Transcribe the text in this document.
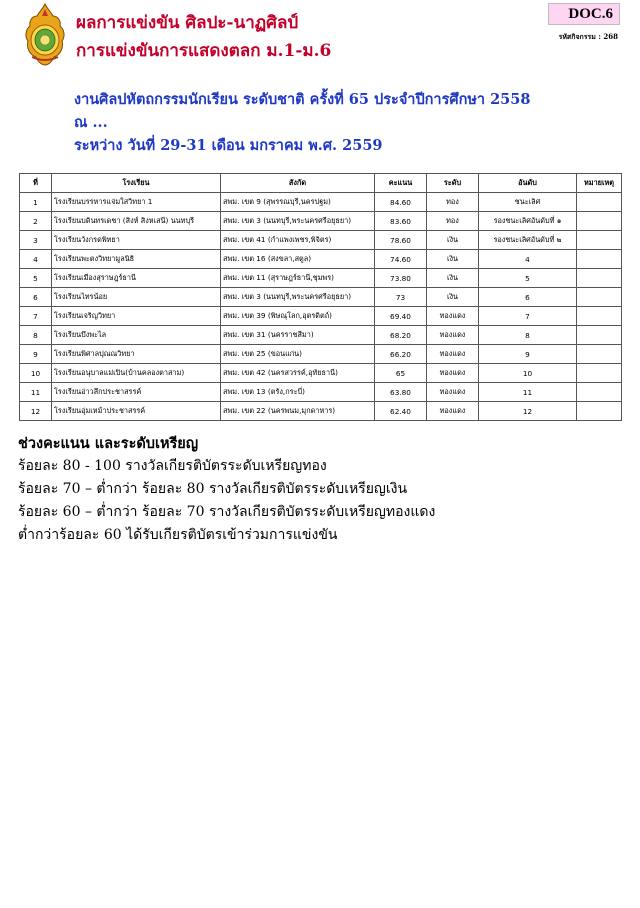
DOC.6
รหัสกิจกรรม : 268
ผลการแข่งขัน ศิลปะ-นาฏศิลป์
การแข่งขันการแสดงตลก ม.1-ม.6
งานศิลปหัตถกรรมนักเรียน ระดับชาติ ครั้งที่ 65 ประจำปีการศึกษา 2558
ณ ...
ระหว่าง วันที่ 29-31 เดือน มกราคม พ.ศ. 2559
ที่	โรงเรียน	สังกัด	คะแนน	ระดับ	อันดับ	หมายเหตุ
1	โรงเรียนบรรหารแจ่มใสวิทยา 1	สพม. เขต 9 (สุพรรณบุรี,นครปฐม)	84.60	ทอง	ชนะเลิศ	
2	โรงเรียนบดินทรเดชา (สิงห์ สิงหเสนี) นนทบุรี	สพม. เขต 3 (นนทบุรี,พระนครศรีอยุธยา)	83.60	ทอง	รองชนะเลิศอันดับที่ ๑	
3	โรงเรียนวังกรดพิทยา	สพม. เขต 41 (กำแพงเพชร,พิจิตร)	78.60	เงิน	รองชนะเลิศอันดับที่ ๒	
4	โรงเรียนพะตงวิทยามูลนิธิ	สพม. เขต 16 (สงขลา,สตูล)	74.60	เงิน	4	
5	โรงเรียนเมืองสุราษฎร์ธานี	สพม. เขต 11 (สุราษฎร์ธานี,ชุมพร)	73.80	เงิน	5	
6	โรงเรียนไทรน้อย	สพม. เขต 3 (นนทบุรี,พระนครศรีอยุธยา)	73	เงิน	6	
7	โรงเรียนเจริญวิทยา	สพม. เขต 39 (พิษณุโลก,อุตรดิตถ์)	69.40	ทองแดง	7	
8	โรงเรียนบึงพะไล	สพม. เขต 31 (นครราชสีมา)	68.20	ทองแดง	8	
9	โรงเรียนพิศาลปุณณวิทยา	สพม. เขต 25 (ขอนแก่น)	66.20	ทองแดง	9	
10	โรงเรียนอนุบาลแม่เปิน(บ้านคลองตาสาม)	สพม. เขต 42 (นครสวรรค์,อุทัยธานี)	65	ทองแดง	10	
11	โรงเรียนอ่าวลึกประชาสรรค์	สพม. เขต 13 (ตรัง,กระบี่)	63.80	ทองแดง	11	
12	โรงเรียนอุ่มเหม้าประชาสรรค์	สพม. เขต 22 (นครพนม,มุกดาหาร)	62.40	ทองแดง	12	
ช่วงคะแนน และระดับเหรียญ
ร้อยละ 80 - 100 รางวัลเกียรติบัตรระดับเหรียญทอง
ร้อยละ 70 – ต่ำกว่า ร้อยละ 80 รางวัลเกียรติบัตรระดับเหรียญเงิน
ร้อยละ 60 – ต่ำกว่า ร้อยละ 70 รางวัลเกียรติบัตรระดับเหรียญทองแดง
ต่ำกว่าร้อยละ 60 ได้รับเกียรติบัตรเข้าร่วมการแข่งขัน
